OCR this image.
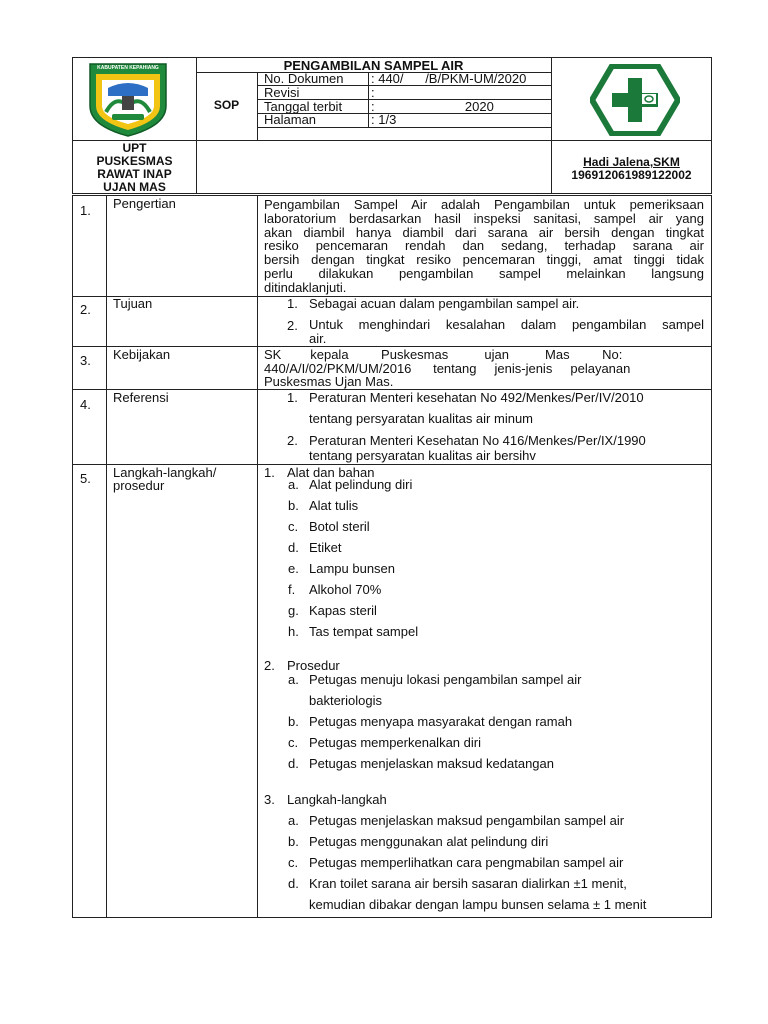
KABUPATEN KEPAHIANG	PENGAMBILAN SAMPEL AIR
SOP
No. Dokumen : 440/      /B/PKM-UM/2020
Revisi	:
Tanggal terbit :                         2020
Halaman	: 1/3
UPT
PUSKESMAS
RAWAT INAP
UJAN MAS
Hadi Jalena,SKM
196912061989122002
1. Pengertian	Pengambilan Sampel Air adalah Pengambilan untuk pemeriksaan
laboratorium berdasarkan hasil inspeksi sanitasi, sampel air yang
akan diambil hanya diambil dari sarana air bersih dengan tingkat
resiko pencemaran rendah dan sedang, terhadap sarana air
bersih dengan tingkat resiko pencemaran tinggi, amat tinggi tidak
perlu dilakukan pengambilan sampel melainkan langsung
ditindaklanjuti.
2. Tujuan	1. Sebagai acuan dalam pengambilan sampel air.
2. Untuk menghindari kesalahan dalam pengambilan sampel
air.
3. Kebijakan	SK        kepala         Puskesmas          ujan          Mas         No:
440/A/I/02/PKM/UM/2016      tentang     jenis-jenis     pelayanan
Puskesmas Ujan Mas.
4. Referensi	1. Peraturan Menteri kesehatan No 492/Menkes/Per/IV/2010
tentang persyaratan kualitas air minum
2. Peraturan Menteri Kesehatan No 416/Menkes/Per/IX/1990
tentang persyaratan kualitas air bersihv
5. Langkah-langkah/
prosedur
1. Alat dan bahan
a. Alat pelindung diri
b. Alat tulis
c. Botol steril
d. Etiket
e. Lampu bunsen
f. Alkohol 70%
g. Kapas steril
h. Tas tempat sampel
2. Prosedur
a. Petugas menuju lokasi pengambilan sampel air
bakteriologis
b. Petugas menyapa masyarakat dengan ramah
c. Petugas memperkenalkan diri
d. Petugas menjelaskan maksud kedatangan
3. Langkah-langkah
a. Petugas menjelaskan maksud pengambilan sampel air
b. Petugas menggunakan alat pelindung diri
c. Petugas memperlihatkan cara pengmabilan sampel air
d. Kran toilet sarana air bersih sasaran dialirkan ±1 menit,
kemudian dibakar dengan lampu bunsen selama ± 1 menit
